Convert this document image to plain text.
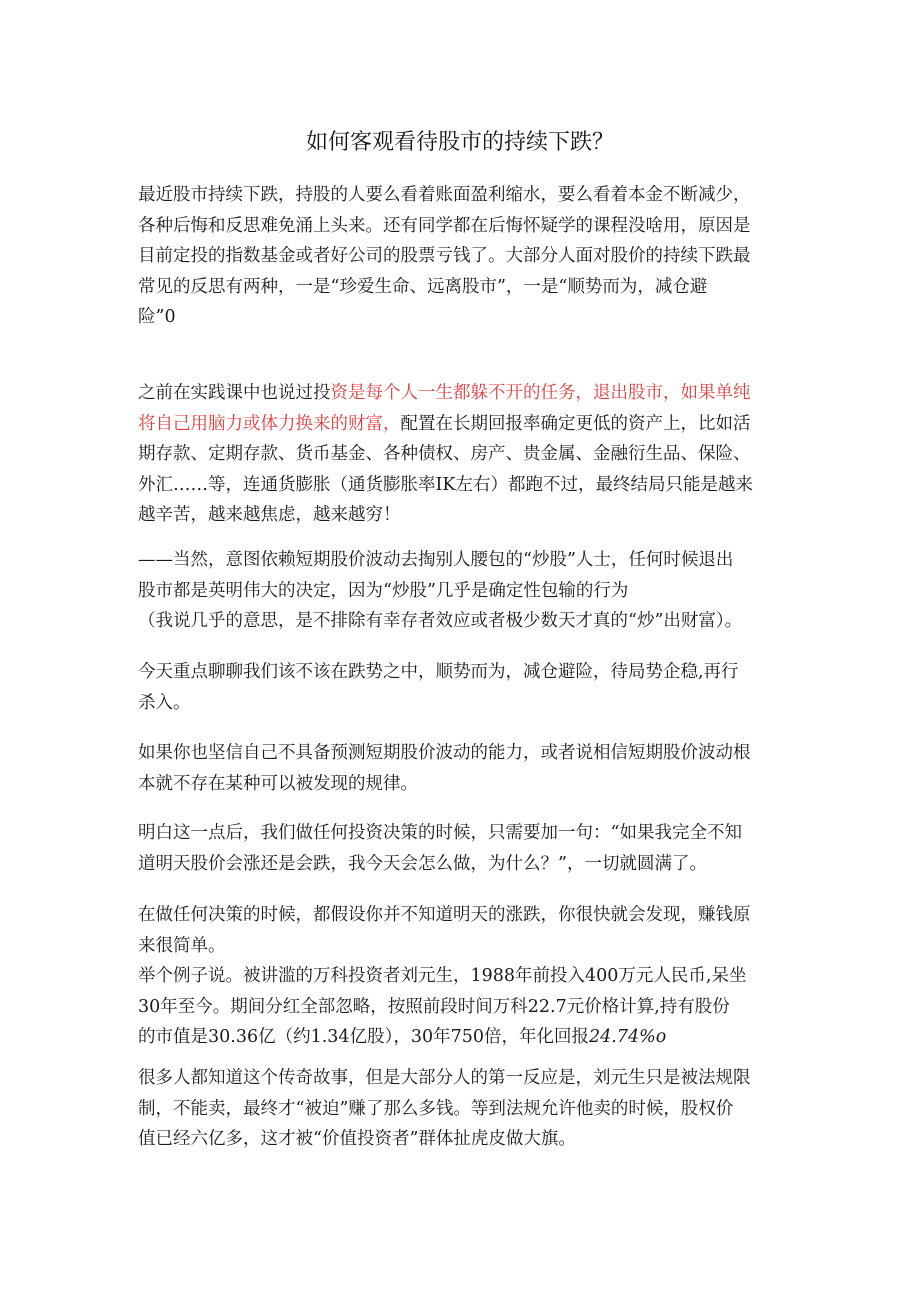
如何客观看待股市的持续下跌？

最近股市持续下跌，持股的人要么看着账面盈利缩水，要么看着本金不断减少，
各种后悔和反思难免涌上头来。还有同学都在后悔怀疑学的课程没啥用，原因是
目前定投的指数基金或者好公司的股票亏钱了。大部分人面对股价的持续下跌最
常见的反思有两种，一是“珍爱生命、远离股市”，一是“顺势而为，减仓避
险”0

之前在实践课中也说过投资是每个人一生都躲不开的任务，退出股市，如果单纯
将自己用脑力或体力换来的财富，配置在长期回报率确定更低的资产上，比如活
期存款、定期存款、货币基金、各种债权、房产、贵金属、金融衍生品、保险、
外汇……等，连通货膨胀（通货膨胀率IK左右）都跑不过，最终结局只能是越来
越辛苦，越来越焦虑，越来越穷！

——当然，意图依赖短期股价波动去掏别人腰包的“炒股”人士，任何时候退出
股市都是英明伟大的决定，因为“炒股”几乎是确定性包输的行为
（我说几乎的意思，是不排除有幸存者效应或者极少数天才真的“炒”出财富）。

今天重点聊聊我们该不该在跌势之中，顺势而为，减仓避险，待局势企稳,再行
杀入。

如果你也坚信自己不具备预测短期股价波动的能力，或者说相信短期股价波动根
本就不存在某种可以被发现的规律。

明白这一点后，我们做任何投资决策的时候，只需要加一句：“如果我完全不知
道明天股价会涨还是会跌，我今天会怎么做，为什么？”，一切就圆满了。

在做任何决策的时候，都假设你并不知道明天的涨跌，你很快就会发现，赚钱原
来很简单。
举个例子说。被讲滥的万科投资者刘元生，1988年前投入400万元人民币,呆坐
30年至今。期间分红全部忽略，按照前段时间万科22.7元价格计算,持有股份
的市值是30.36亿（约1.34亿股），30年750倍，年化回报24.74%o

很多人都知道这个传奇故事，但是大部分人的第一反应是，刘元生只是被法规限
制，不能卖，最终才“被迫”赚了那么多钱。等到法规允许他卖的时候，股权价
值已经六亿多，这才被“价值投资者”群体扯虎皮做大旗。
